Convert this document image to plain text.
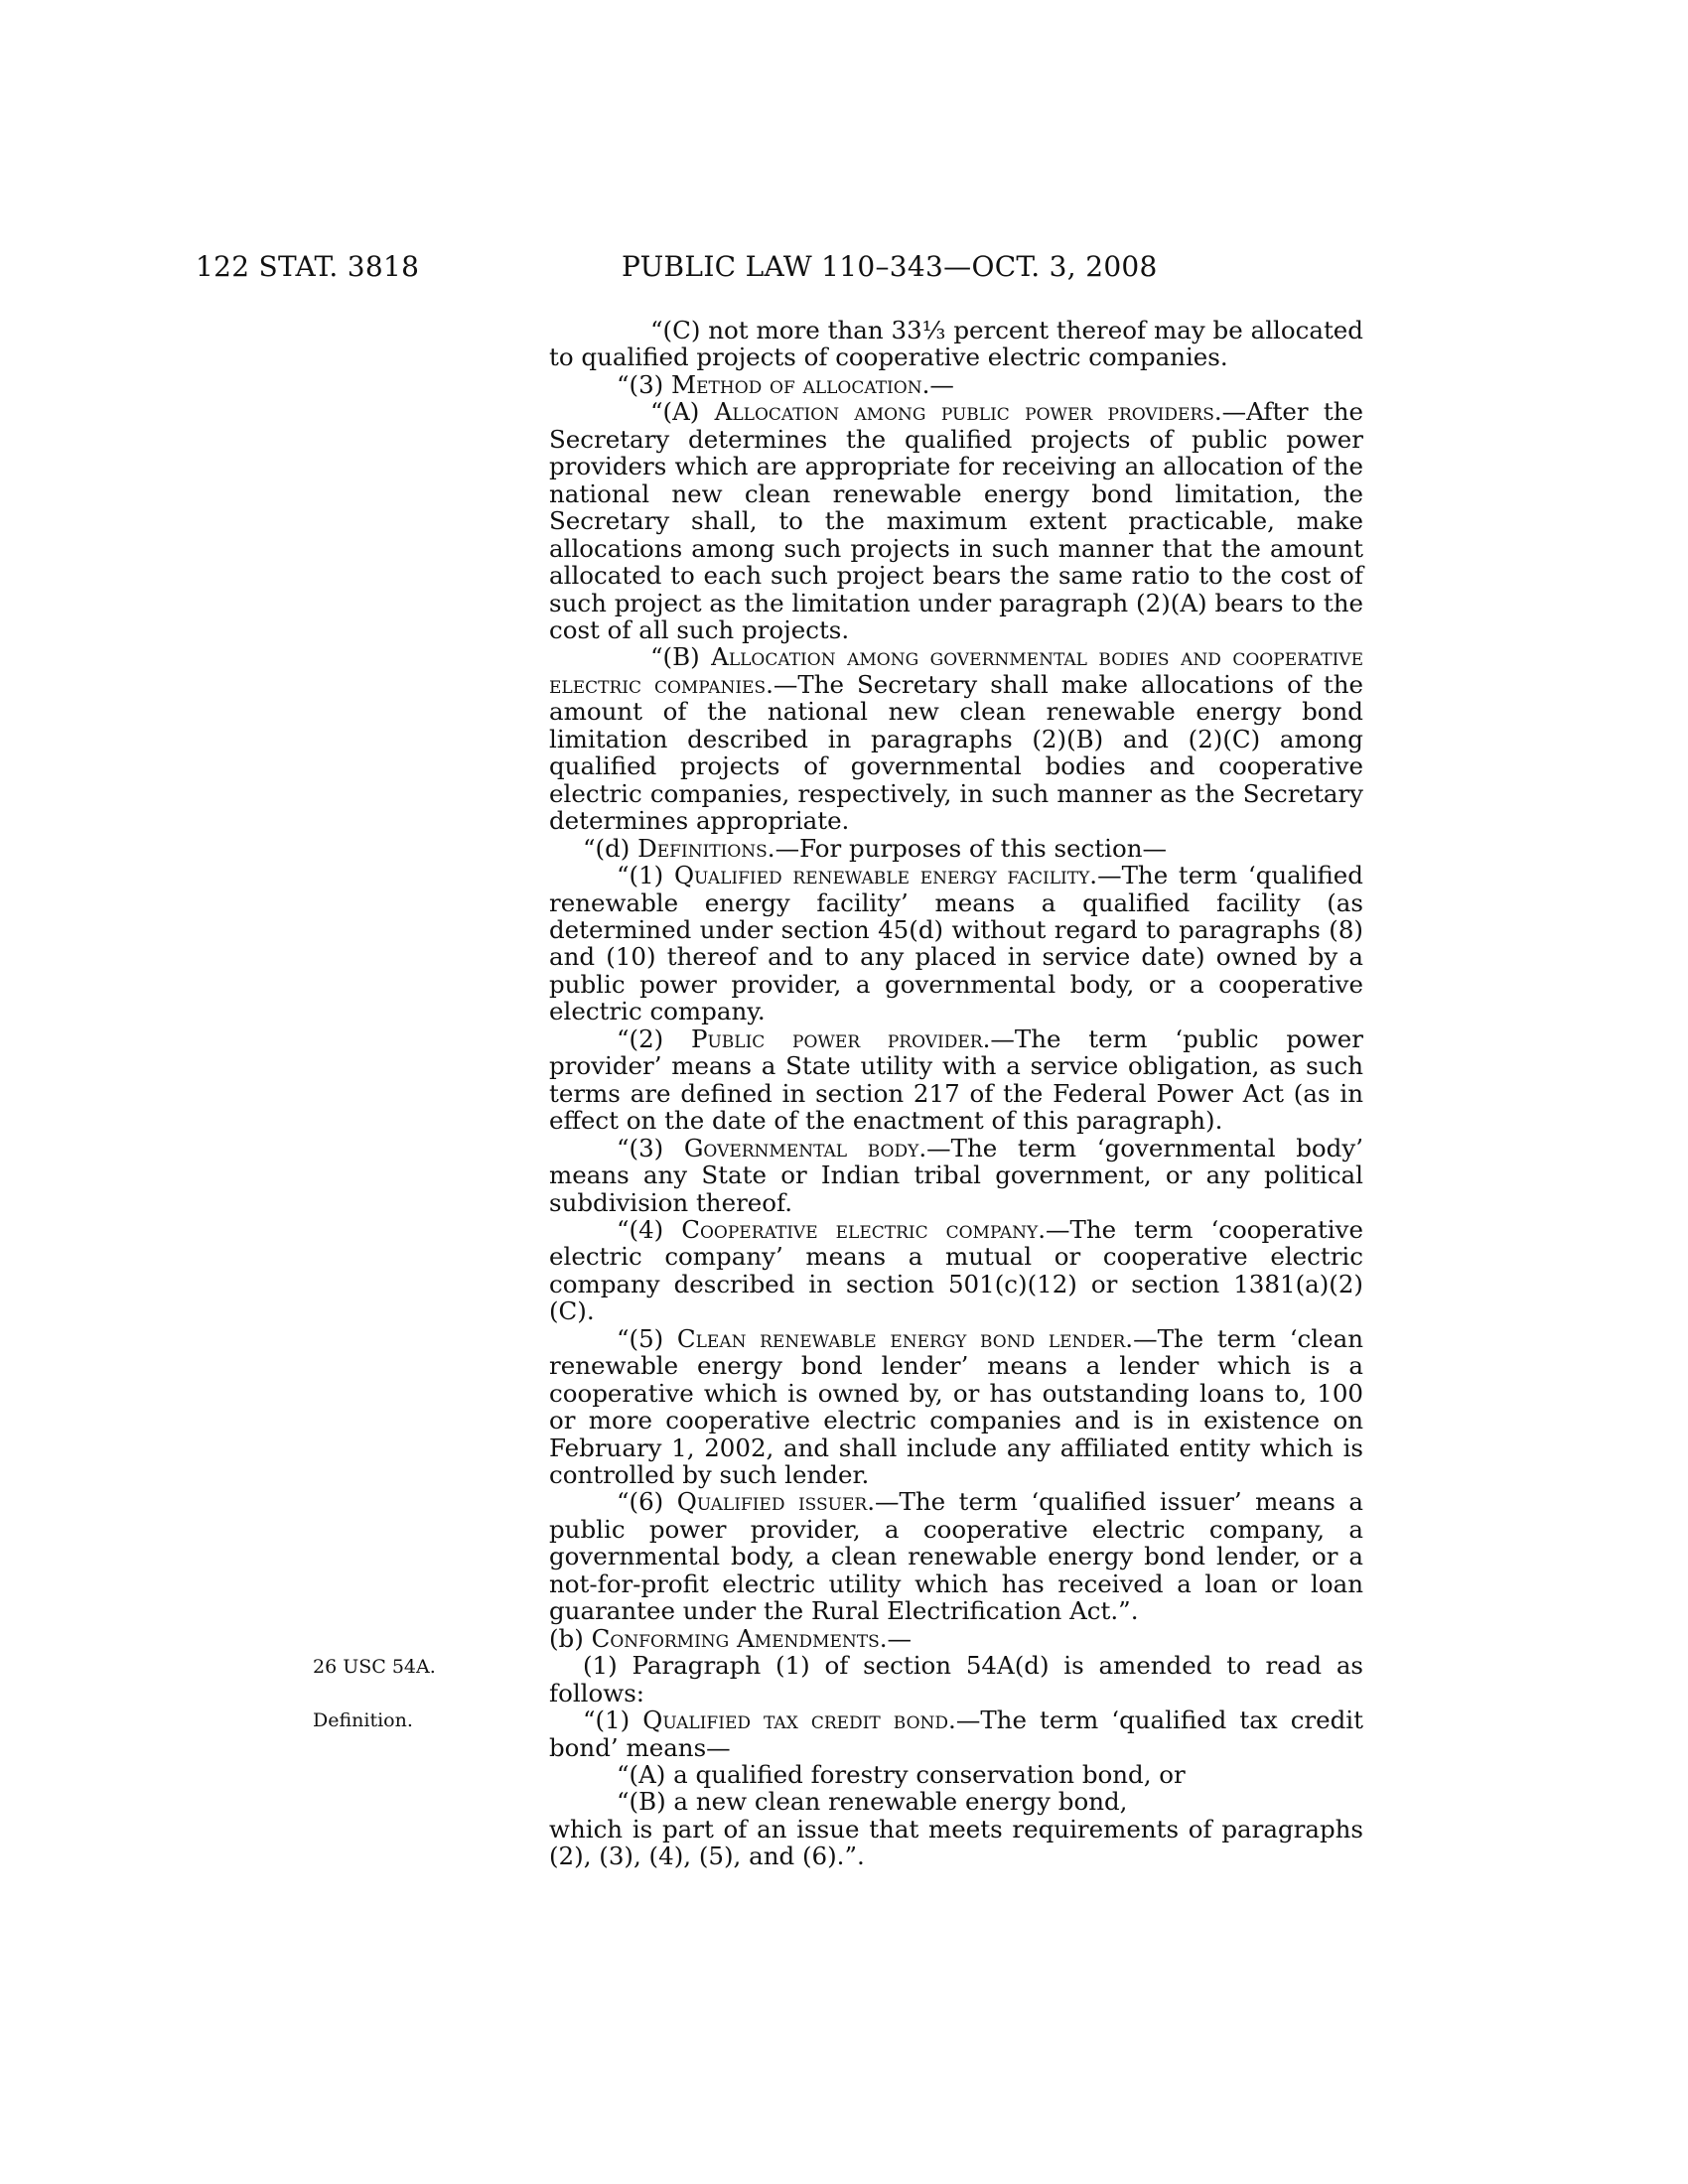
122 STAT. 3818	PUBLIC LAW 110–343—OCT. 3, 2008
26 USC 54A.
Definition.

“(C) not more than 33⅓ percent thereof may be allocated to qualified projects of cooperative electric companies.

“(3) Method of allocation.—

“(A) Allocation among public power providers.—After the Secretary determines the qualified projects of public power providers which are appropriate for receiving an allocation of the national new clean renewable energy bond limitation, the Secretary shall, to the maximum extent practicable, make allocations among such projects in such manner that the amount allocated to each such project bears the same ratio to the cost of such project as the limitation under paragraph (2)(A) bears to the cost of all such projects.

“(B) Allocation among governmental bodies and cooperative electric companies.—The Secretary shall make allocations of the amount of the national new clean renewable energy bond limitation described in paragraphs (2)(B) and (2)(C) among qualified projects of governmental bodies and cooperative electric companies, respectively, in such manner as the Secretary determines appropriate.

“(d) Definitions.—For purposes of this section—

“(1) Qualified renewable energy facility.—The term ‘qualified renewable energy facility’ means a qualified facility (as determined under section 45(d) without regard to paragraphs (8) and (10) thereof and to any placed in service date) owned by a public power provider, a governmental body, or a cooperative electric company.

“(2) Public power provider.—The term ‘public power provider’ means a State utility with a service obligation, as such terms are defined in section 217 of the Federal Power Act (as in effect on the date of the enactment of this paragraph).

“(3) Governmental body.—The term ‘governmental body’ means any State or Indian tribal government, or any political subdivision thereof.

“(4) Cooperative electric company.—The term ‘cooperative electric company’ means a mutual or cooperative electric company described in section 501(c)(12) or section 1381(a)(2)(C).

“(5) Clean renewable energy bond lender.—The term ‘clean renewable energy bond lender’ means a lender which is a cooperative which is owned by, or has outstanding loans to, 100 or more cooperative electric companies and is in existence on February 1, 2002, and shall include any affiliated entity which is controlled by such lender.

“(6) Qualified issuer.—The term ‘qualified issuer’ means a public power provider, a cooperative electric company, a governmental body, a clean renewable energy bond lender, or a not-for-profit electric utility which has received a loan or loan guarantee under the Rural Electrification Act.”.

(b) Conforming Amendments.—

(1) Paragraph (1) of section 54A(d) is amended to read as follows:

“(1) Qualified tax credit bond.—The term ‘qualified tax credit bond’ means—

“(A) a qualified forestry conservation bond, or

“(B) a new clean renewable energy bond,

which is part of an issue that meets requirements of paragraphs (2), (3), (4), (5), and (6).”.
